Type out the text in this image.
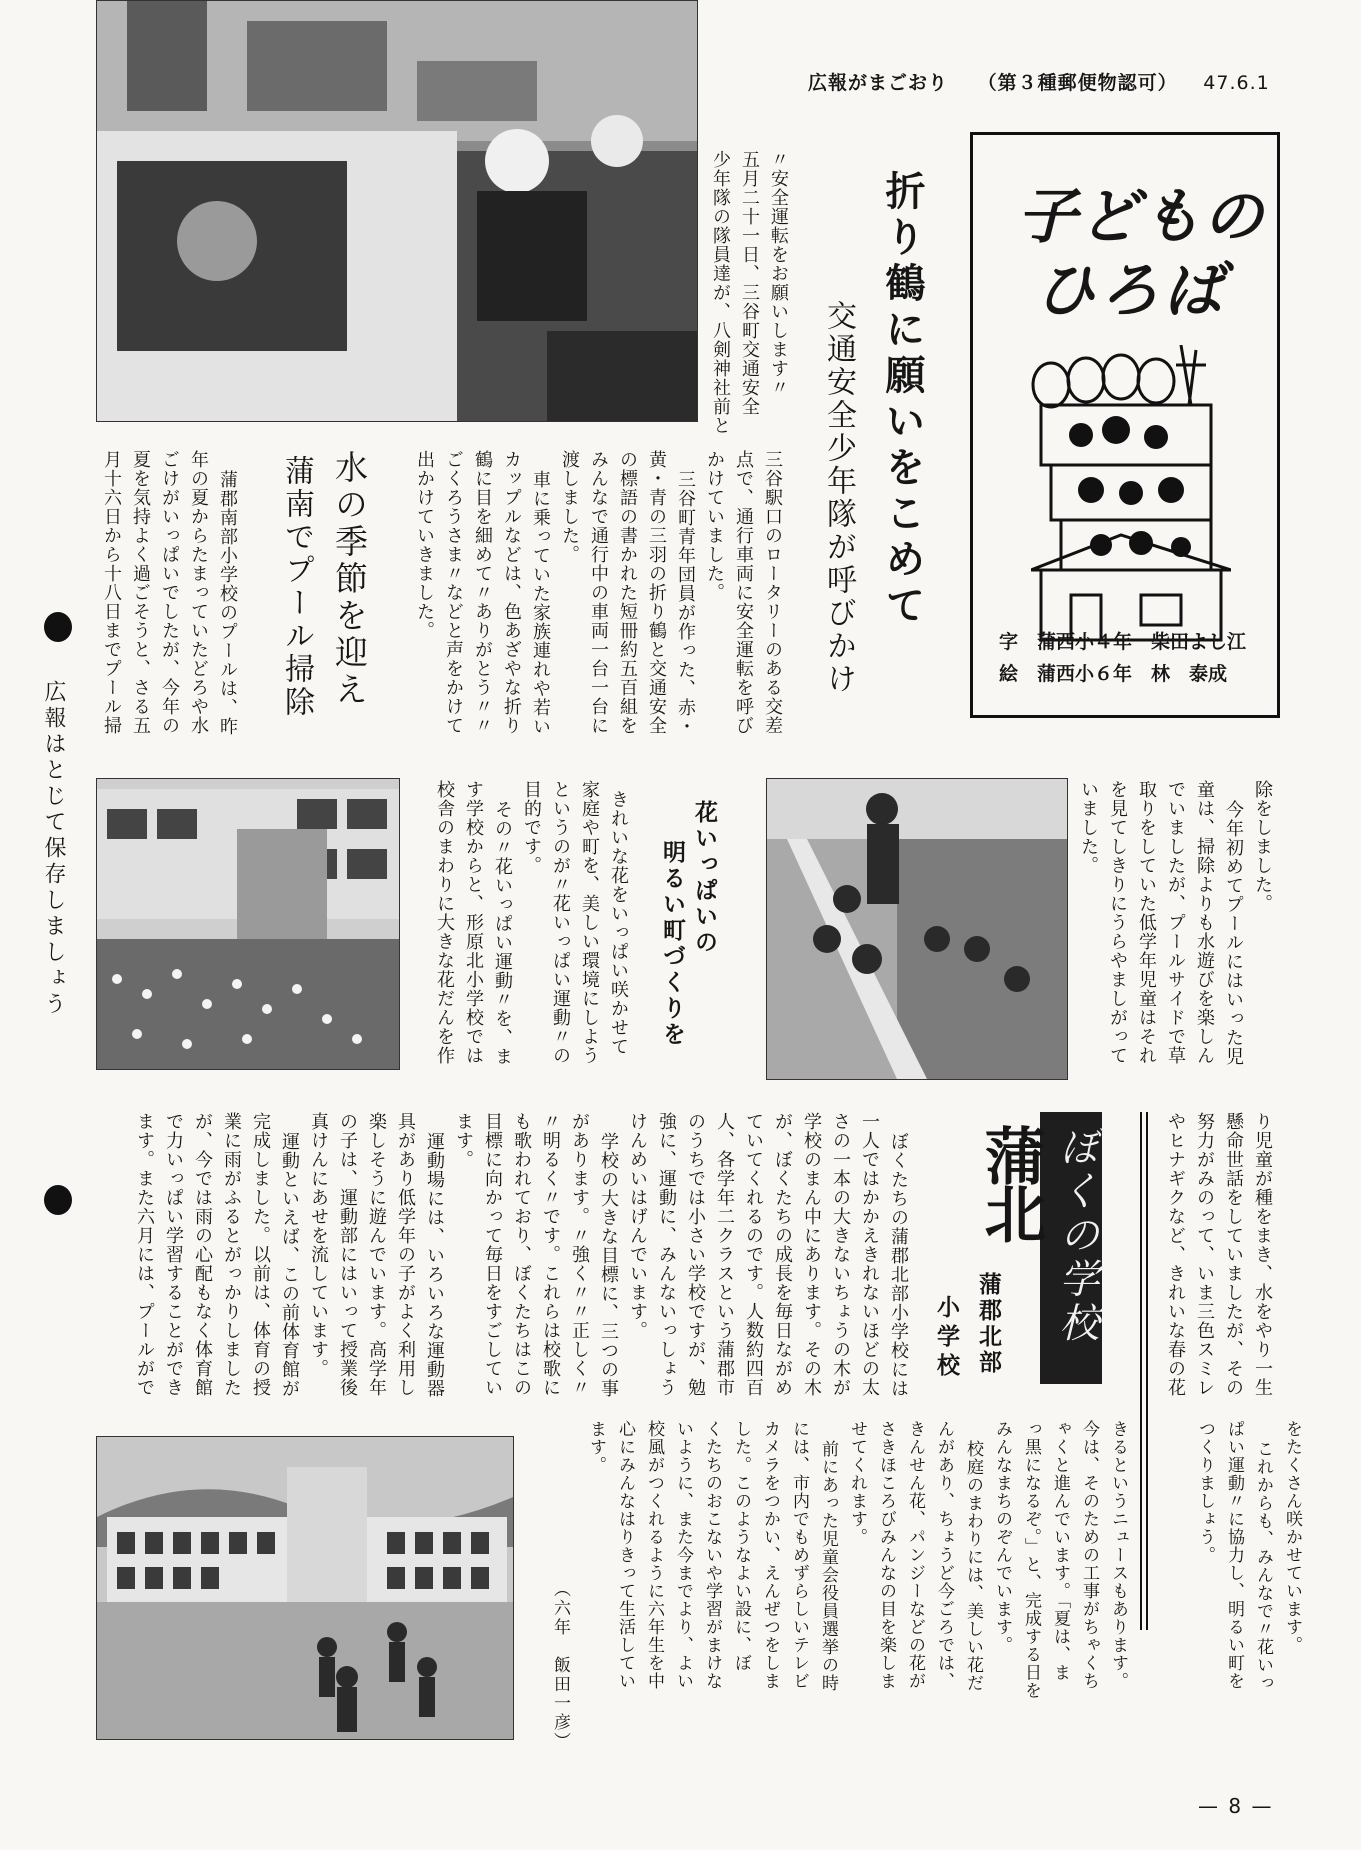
広報がまごおり （第３種郵便物認可） 47.6.1
折り鶴に願いをこめて
交通安全少年隊が呼びかけ
〃安全運転をお願いします〃
五月二十一日、三谷町交通安全
少年隊の隊員達が、八剣神社前と
三谷駅口のロータリーのある交差
点で、通行車両に安全運転を呼び
かけていました。
三谷町青年団員が作った、赤・
黄・青の三羽の折り鶴と交通安全
の標語の書かれた短冊約五百組を
みんなで通行中の車両一台一台に
渡しました。
車に乗っていた家族連れや若い
カップルなどは、色あざやな折り
鶴に目を細めて〃ありがとう〃〃
ごくろうさま〃などと声をかけて
出かけていきました。
子どもの
ひろば
字　蒲西小４年　柴田よし江
絵　蒲西小６年　林　泰成
水の季節を迎え
蒲南でプール掃除
蒲郡南部小学校のプールは、昨
年の夏からたまっていたどろや水
ごけがいっぱいでしたが、今年の
夏を気持よく過ごそうと、さる五
月十六日から十八日までプール掃
広報はとじて保存しましょう	除をしました。
今年初めてプールにはいった児
童は、掃除よりも水遊びを楽しん
でいましたが、プールサイドで草
取りをしていた低学年児童はそれ
を見てしきりにうらやましがって
いました。
花いっぱいの
明るい町づくりを
きれいな花をいっぱい咲かせて
家庭や町を、美しい環境にしよう
というのが〃花いっぱい運動〃の
目的です。
その〃花いっぱい運動〃を、ま
す学校からと、形原北小学校では
校舎のまわりに大きな花だんを作
ぼくの学校
蒲北
蒲郡北部
小学校	り児童が種をまき、水をやり一生
懸命世話をしていましたが、その
努力がみのって、いま三色スミレ
やヒナギクなど、きれいな春の花
をたくさん咲かせています。
これからも、みんなで〃花いっ
ぱい運動〃に協力し、明るい町を
つくりましょう。
ぼくたちの蒲郡北部小学校には
一人ではかかえきれないほどの太
さの一本の大きないちょうの木が
学校のまん中にあります。その木
が、ぼくたちの成長を毎日ながめ
ていてくれるのです。人数約四百
人、各学年二クラスという蒲郡市
のうちでは小さい学校ですが、勉
強に、運動に、みんないっしょう
けんめいはげんでいます。
学校の大きな目標に、三つの事
があります。〃強く〃〃正しく〃
〃明るく〃です。これらは校歌に
も歌われており、ぼくたちはこの
目標に向かって毎日をすごしてい
ます。
運動場には、いろいろな運動器
具があり低学年の子がよく利用し
楽しそうに遊んでいます。高学年
の子は、運動部にはいって授業後
真けんにあせを流しています。
運動といえば、この前体育館が
完成しました。以前は、体育の授
業に雨がふるとがっかりしました
が、今では雨の心配もなく体育館
で力いっぱい学習することができ
ます。また六月には、プールがで
きるというニュースもあります。
今は、そのための工事がちゃくち
ゃくと進んでいます。「夏は、ま
っ黒になるぞ。」と、完成する日を
みんなまちのぞんでいます。
校庭のまわりには、美しい花だ
んがあり、ちょうど今ごろでは、
きんせん花、パンジーなどの花が
さきほころびみんなの目を楽しま
せてくれます。
前にあった児童会役員選挙の時
には、市内でもめずらしいテレビ
カメラをつかい、えんぜつをしま
した。このようなよい設に、ぼ
くたちのおこないや学習がまけな
いように、また今までより、よい
校風がつくれるように六年生を中
心にみんなはりきって生活してい
ます。
（六年　飯田一彦）
— 8 —
